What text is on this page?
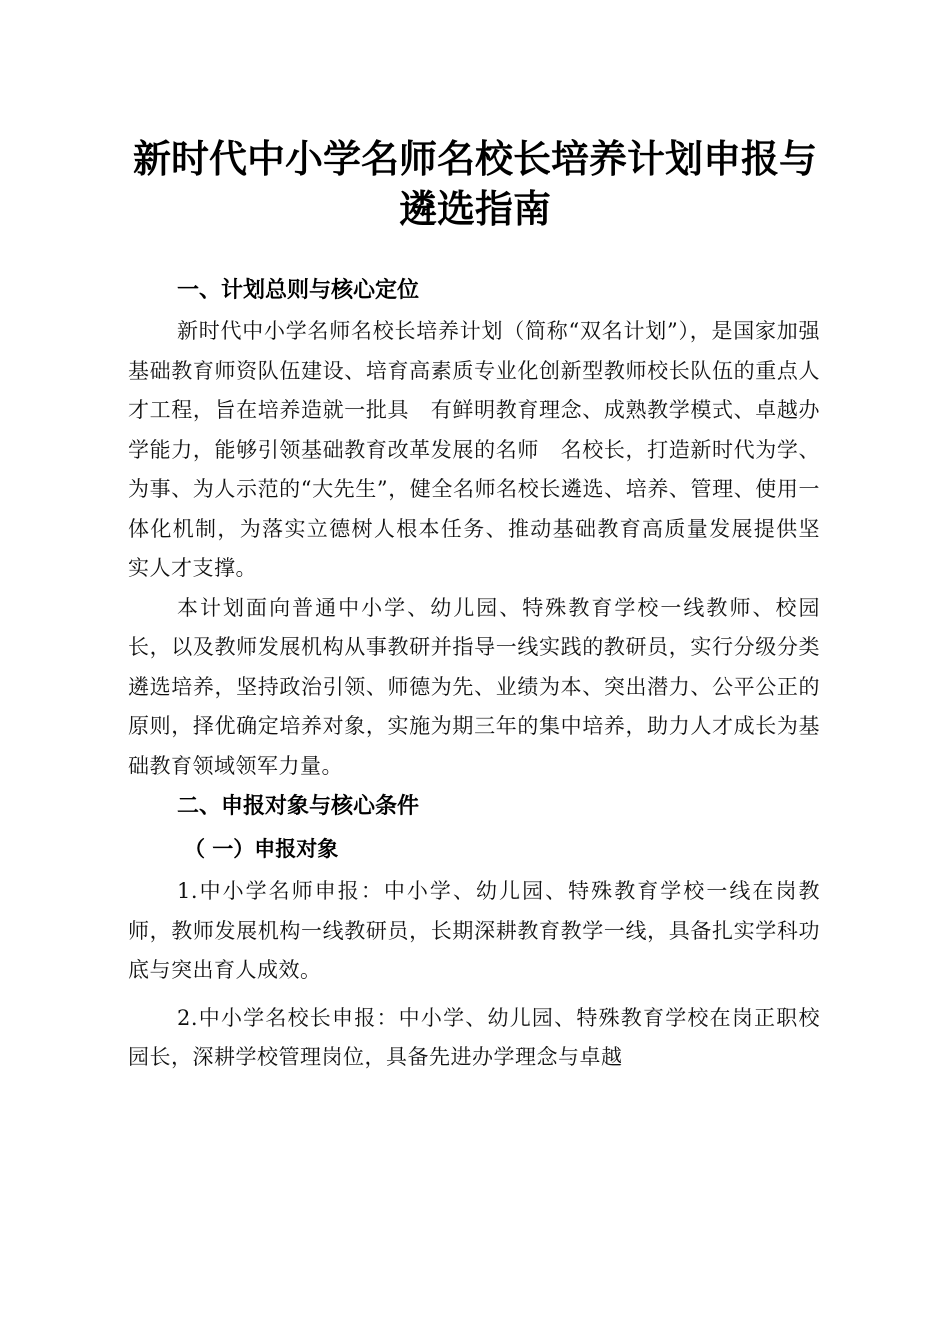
新时代中小学名师名校长培养计划申报与
遴选指南
一、计划总则与核心定位

新时代中小学名师名校长培养计划（简称“双名计划”），是国家加强基础教育师资队伍建设、培育高素质专业化创新型教师校长队伍的重点人才工程，旨在培养造就一批具　有鲜明教育理念、成熟教学模式、卓越办学能力，能够引领基础教育改革发展的名师　名校长，打造新时代为学、为事、为人示范的“大先生”，健全名师名校长遴选、培养、管理、使用一体化机制，为落实立德树人根本任务、推动基础教育高质量发展提供坚　实人才支撑。

本计划面向普通中小学、幼儿园、特殊教育学校一线教师、校园长，以及教师发展机构从事教研并指导一线实践的教研员，实行分级分类遴选培养，坚持政治引领、师德为先、业绩为本、突出潜力、公平公正的原则，择优确定培养对象，实施为期三年的集中培养，助力人才成长为基础教育领域领军力量。

二、申报对象与核心条件
（ 一）申报对象

1.中小学名师申报：中小学、幼儿园、特殊教育学校一线在岗教师，教师发展机构一线教研员，长期深耕教育教学一线，具备扎实学科功底与突出育人成效。

2.中小学名校长申报：中小学、幼儿园、特殊教育学校在岗正职校园长，深耕学校管理岗位，具备先进办学理念与卓越
